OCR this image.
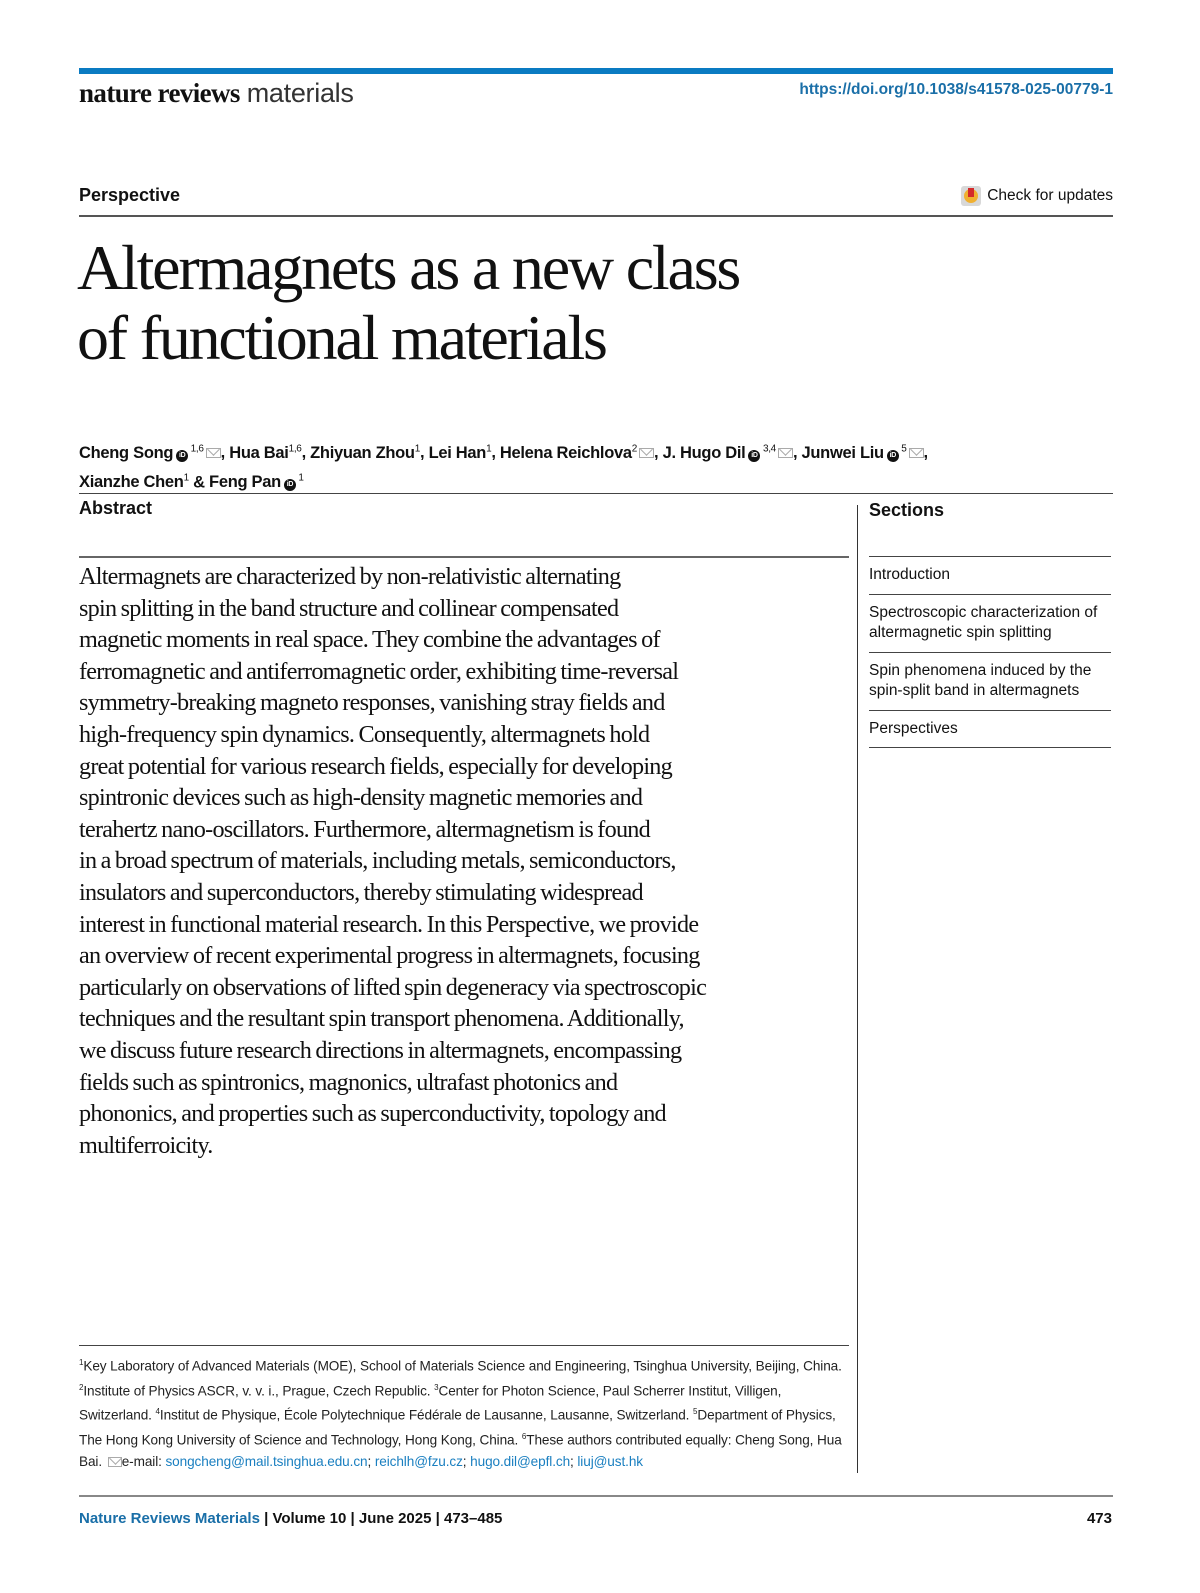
nature reviews materials	https://doi.org/10.1038/s41578-025-00779-1
Perspective	Check for updates
Altermagnets as a new class
of functional materials
Cheng Song iD $^{1,6}$ , Hua Bai$^{1,6}$, Zhiyuan Zhou$^1$, Lei Han$^1$, Helena Reichlova$^2$ , J. Hugo Dil iD $^{3,4}$ , Junwei Liu iD $^5$ ,
Xianzhe Chen$^1$ & Feng Pan iD $^1$
Abstract

Altermagnets are characterized by non-relativistic alternating
spin splitting in the band structure and collinear compensated
magnetic moments in real space. They combine the advantages of
ferromagnetic and antiferromagnetic order, exhibiting time-reversal
symmetry-breaking magneto responses, vanishing stray fields and
high-frequency spin dynamics. Consequently, altermagnets hold
great potential for various research fields, especially for developing
spintronic devices such as high-density magnetic memories and
terahertz nano-oscillators. Furthermore, altermagnetism is found
in a broad spectrum of materials, including metals, semiconductors,
insulators and superconductors, thereby stimulating widespread
interest in functional material research. In this Perspective, we provide
an overview of recent experimental progress in altermagnets, focusing
particularly on observations of lifted spin degeneracy via spectroscopic
techniques and the resultant spin transport phenomena. Additionally,
we discuss future research directions in altermagnets, encompassing
fields such as spintronics, magnonics, ultrafast photonics and
phononics, and properties such as superconductivity, topology and
multiferroicity.

Sections
Introduction
Spectroscopic characterization of altermagnetic spin splitting
Spin phenomena induced by the spin-split band in altermagnets
Perspectives

$^1$Key Laboratory of Advanced Materials (MOE), School of Materials Science and Engineering, Tsinghua University, Beijing, China. $^2$Institute of Physics ASCR, v. v. i., Prague, Czech Republic. $^3$Center for Photon Science, Paul Scherrer Institut, Villigen, Switzerland. $^4$Institut de Physique, École Polytechnique Fédérale de Lausanne, Lausanne, Switzerland. $^5$Department of Physics, The Hong Kong University of Science and Technology, Hong Kong, China. $^6$These authors contributed equally: Cheng Song, Hua Bai. e-mail: songcheng@mail.tsinghua.edu.cn; reichlh@fzu.cz; hugo.dil@epfl.ch; liuj@ust.hk

Nature Reviews Materials | Volume 10 | June 2025 | 473–485	473
